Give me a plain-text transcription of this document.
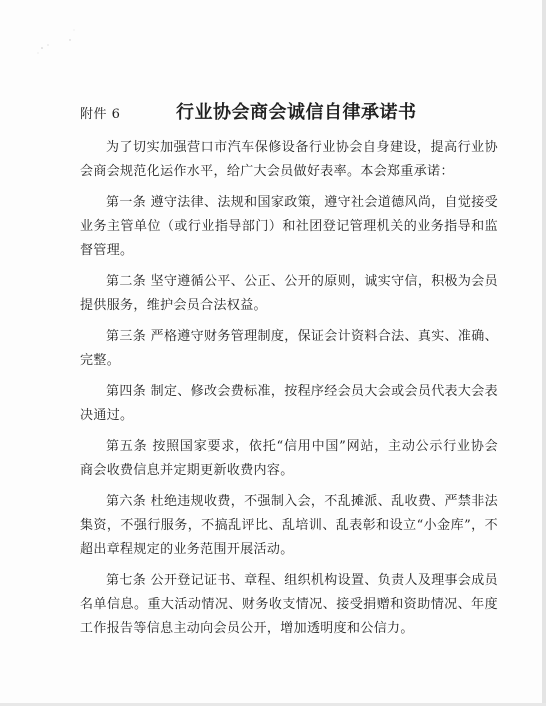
附件 6	行业协会商会诚信自律承诺书

为了切实加强营口市汽车保修设备行业协会自身建设，提高行业协会商会规范化运作水平，给广大会员做好表率。本会郑重承诺：

第一条 遵守法律、法规和国家政策，遵守社会道德风尚，自觉接受业务主管单位（或行业指导部门）和社团登记管理机关的业务指导和监督管理。

第二条 坚守遵循公平、公正、公开的原则，诚实守信，积极为会员提供服务，维护会员合法权益。

第三条 严格遵守财务管理制度，保证会计资料合法、真实、准确、完整。

第四条 制定、修改会费标准，按程序经会员大会或会员代表大会表决通过。

第五条 按照国家要求，依托“信用中国”网站，主动公示行业协会商会收费信息并定期更新收费内容。

第六条 杜绝违规收费，不强制入会，不乱摊派、乱收费、严禁非法集资，不强行服务，不搞乱评比、乱培训、乱表彰和设立“小金库”，不超出章程规定的业务范围开展活动。

第七条 公开登记证书、章程、组织机构设置、负责人及理事会成员名单信息。重大活动情况、财务收支情况、接受捐赠和资助情况、年度工作报告等信息主动向会员公开，增加透明度和公信力。
